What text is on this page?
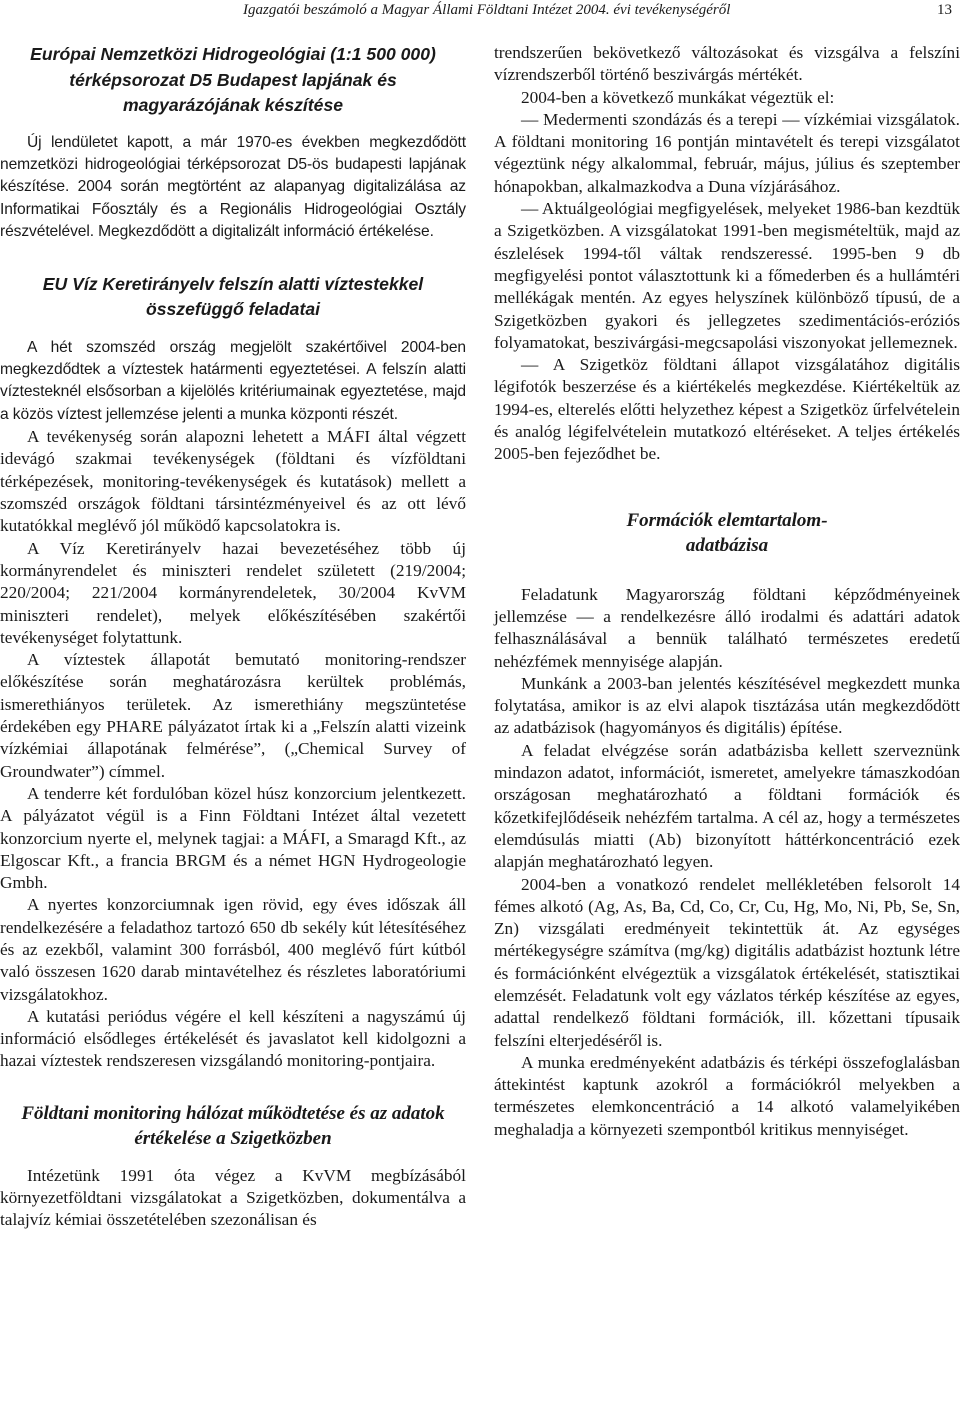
Igazgatói beszámoló a Magyar Állami Földtani Intézet 2004. évi tevékenységéről	13
Európai Nemzetközi Hidrogeológiai (1:1 500 000) térképsorozat D5 Budapest lapjának és magyarázójának készítése

Új lendületet kapott, a már 1970-es években megkezdődött nemzetközi hidrogeológiai térképsorozat D5-ös budapesti lapjának készítése. 2004 során megtörtént az alapanyag digitalizálása az Informatikai Főosztály és a Regionális Hidrogeológiai Osztály részvételével. Megkezdődött a digitalizált információ értékelése.

EU Víz Keretirányelv felszín alatti víztestekkel összefüggő feladatai

A hét szomszéd ország megjelölt szakértőivel 2004-ben megkezdődtek a víztestek határmenti egyeztetései. A felszín alatti víztesteknél elsősorban a kijelölés kritériumainak egyeztetése, majd a közös víztest jellemzése jelenti a munka központi részét.

A tevékenység során alapozni lehetett a MÁFI által végzett idevágó szakmai tevékenységek (földtani és vízföldtani térképezések, monitoring-tevékenységek és kutatások) mellett a szomszéd országok földtani társintézményeivel és az ott lévő kutatókkal meglévő jól működő kapcsolatokra is.

A Víz Keretirányelv hazai bevezetéséhez több új kormányrendelet és miniszteri rendelet született (219/2004; 220/2004; 221/2004 kormányrendeletek, 30/2004 KvVM miniszteri rendelet), melyek előkészítésében szakértői tevékenységet folytattunk.

A víztestek állapotát bemutató monitoring-rendszer előkészítése során meghatározásra kerültek problémás, ismerethiányos területek. Az ismerethiány megszüntetése érdekében egy PHARE pályázatot írtak ki a „Felszín alatti vizeink vízkémiai állapotának felmérése”, („Chemical Survey of Groundwater”) címmel.

A tenderre két fordulóban közel húsz konzorcium jelentkezett. A pályázatot végül is a Finn Földtani Intézet által vezetett konzorcium nyerte el, melynek tagjai: a MÁFI, a Smaragd Kft., az Elgoscar Kft., a francia BRGM és a német HGN Hydrogeologie Gmbh.

A nyertes konzorciumnak igen rövid, egy éves időszak áll rendelkezésére a feladathoz tartozó 650 db sekély kút létesítéséhez és az ezekből, valamint 300 forrásból, 400 meglévő fúrt kútból való összesen 1620 darab mintavételhez és részletes laboratóriumi vizsgálatokhoz.

A kutatási periódus végére el kell készíteni a nagyszámú új információ elsődleges értékelését és javaslatot kell kidolgozni a hazai víztestek rendszeresen vizsgálandó monitoring-pontjaira.

Földtani monitoring hálózat működtetése és az adatok értékelése a Szigetközben

Intézetünk 1991 óta végez a KvVM megbízásából környezetföldtani vizsgálatokat a Szigetközben, dokumentálva a talajvíz kémiai összetételében szezonálisan és

trendszerűen bekövetkező változásokat és vizsgálva a felszíni vízrendszerből történő beszivárgás mértékét.

2004-ben a következő munkákat végeztük el:

— Medermenti szondázás és a terepi — vízkémiai vizsgálatok. A földtani monitoring 16 pontján mintavételt és terepi vizsgálatot végeztünk négy alkalommal, február, május, július és szeptember hónapokban, alkalmazkodva a Duna vízjárásához.

— Aktuálgeológiai megfigyelések, melyeket 1986-ban kezdtük a Szigetközben. A vizsgálatokat 1991-ben megismételtük, majd az észlelések 1994-től váltak rendszeressé. 1995-ben 9 db megfigyelési pontot választottunk ki a főmederben és a hullámtéri mellékágak mentén. Az egyes helyszínek különböző típusú, de a Szigetközben gyakori és jellegzetes szedimentációs-eróziós folyamatokat, beszivárgási-megcsapolási viszonyokat jellemeznek.

— A Szigetköz földtani állapot vizsgálatához digitális légifotók beszerzése és a kiértékelés megkezdése. Kiértékeltük az 1994-es, elterelés előtti helyzethez képest a Szigetköz űrfelvételein és analóg légifelvételein mutatkozó eltéréseket. A teljes értékelés 2005-ben fejeződhet be.

Formációk elemtartalom-adatbázisa

Feladatunk Magyarország földtani képződményeinek jellemzése — a rendelkezésre álló irodalmi és adattári adatok felhasználásával a bennük található természetes eredetű nehézfémek mennyisége alapján.

Munkánk a 2003-ban jelentés készítésével megkezdett munka folytatása, amikor is az elvi alapok tisztázása után megkezdődött az adatbázisok (hagyományos és digitális) építése.

A feladat elvégzése során adatbázisba kellett szerveznünk mindazon adatot, információt, ismeretet, amelyekre támaszkodóan országosan meghatározható a földtani formációk és kőzetkifejlődéseik nehézfém tartalma. A cél az, hogy a természetes elemdúsulás miatti (Ab) bizonyított háttérkoncentráció ezek alapján meghatározható legyen.

2004-ben a vonatkozó rendelet mellékletében felsorolt 14 fémes alkotó (Ag, As, Ba, Cd, Co, Cr, Cu, Hg, Mo, Ni, Pb, Se, Sn, Zn) vizsgálati eredményeit tekintettük át. Az egységes mértékegységre számítva (mg/kg) digitális adatbázist hoztunk létre és formációnként elvégeztük a vizsgálatok értékelését, statisztikai elemzését. Feladatunk volt egy vázlatos térkép készítése az egyes, adattal rendelkező földtani formációk, ill. kőzettani típusaik felszíni elterjedéséről is.

A munka eredményeként adatbázis és térképi összefoglalásban áttekintést kaptunk azokról a formációkról melyekben a természetes elemkoncentráció a 14 alkotó valamelyikében meghaladja a környezeti szempontból kritikus mennyiséget.
